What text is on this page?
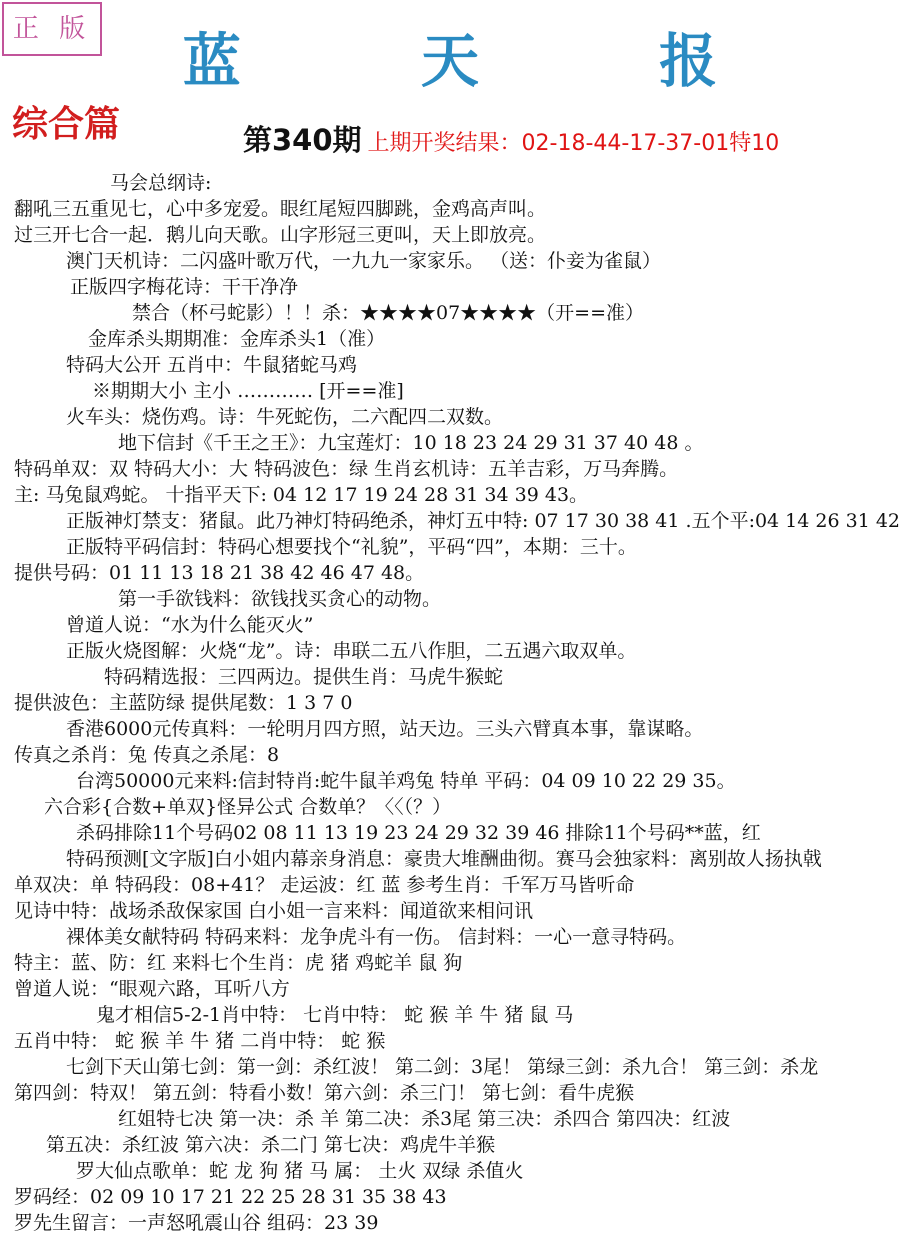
正 版	蓝 天 报
综合篇	第340期 上期开奖结果：02-18-44-17-37-01特10
马会总纲诗:
翻吼三五重见七，心中多宠爱。眼红尾短四脚跳，金鸡高声叫。
过三开七合一起．鹅儿向天歌。山字形冠三更叫，天上即放亮。
澳门天机诗：二闪盛叶歌万代，一九九一家家乐。 （送：仆妾为雀鼠）
正版四字梅花诗：干干净净
禁合（杯弓蛇影）！！杀：★★★★07★★★★（开==准）
金库杀头期期准：金库杀头1（准）
特码大公开 五肖中：牛鼠猪蛇马鸡
※期期大小 主小 ………… [开==准]
火车头：烧伤鸡。诗：牛死蛇伤，二六配四二双数。
地下信封《千王之王》：九宝莲灯：10 18 23 24 29 31 37 40 48 。
特码单双：双 特码大小：大 特码波色：绿 生肖玄机诗：五羊吉彩，万马奔腾。
主: 马兔鼠鸡蛇。 十指平天下: 04 12 17 19 24 28 31 34 39 43。
正版神灯禁支：猪鼠。此乃神灯特码绝杀，神灯五中特: 07 17 30 38 41 .五个平:04 14 26 31 42
正版特平码信封：特码心想要找个“礼貌”，平码“四”，本期：三十。
提供号码：01 11 13 18 21 38 42 46 47 48。
第一手欲钱料：欲钱找买贪心的动物。
曾道人说：“水为什么能灭火”
正版火烧图解：火烧“龙”。诗：串联二五八作胆，二五遇六取双单。
特码精选报：三四两边。提供生肖：马虎牛猴蛇
提供波色：主蓝防绿 提供尾数：1 3 7 0
香港6000元传真料：一轮明月四方照，站天边。三头六臂真本事，靠谋略。
传真之杀肖：兔 传真之杀尾：8
台湾50000元来料:信封特肖:蛇牛鼠羊鸡兔 特单 平码：04 09 10 22 29 35。
六合彩{合数+单双}怪异公式 合数单？〈〈（？）
杀码排除11个号码02 08 11 13 19 23 24 29 32 39 46 排除11个号码**蓝，红
特码预测[文字版]白小姐内幕亲身消息：豪贵大堆酬曲彻。赛马会独家料：离别故人扬执戟
单双决：单 特码段：08+41？ 走运波：红 蓝 参考生肖：千军万马皆听命
见诗中特：战场杀敌保家国 白小姐一言来料：闻道欲来相问讯
裸体美女献特码 特码来料：龙争虎斗有一伤。 信封料：一心一意寻特码。
特主：蓝、防：红 来料七个生肖：虎 猪 鸡蛇羊 鼠 狗
曾道人说：“眼观六路，耳听八方
鬼才相信5-2-1肖中特： 七肖中特： 蛇 猴 羊 牛 猪 鼠 马
五肖中特： 蛇 猴 羊 牛 猪 二肖中特： 蛇 猴
七剑下天山第七剑：第一剑：杀红波！ 第二剑：3尾！ 第绿三剑：杀九合！ 第三剑：杀龙
第四剑：特双！ 第五剑：特看小数！第六剑：杀三门！ 第七剑：看牛虎猴
红姐特七决 第一决：杀 羊 第二决：杀3尾 第三决：杀四合 第四决：红波
第五决：杀红波 第六决：杀二门 第七决：鸡虎牛羊猴
罗大仙点歌单：蛇 龙 狗 猪 马 属： 土火 双绿 杀值火
罗码经：02 09 10 17 21 22 25 28 31 35 38 43
罗先生留言：一声怒吼震山谷 组码：23 39
